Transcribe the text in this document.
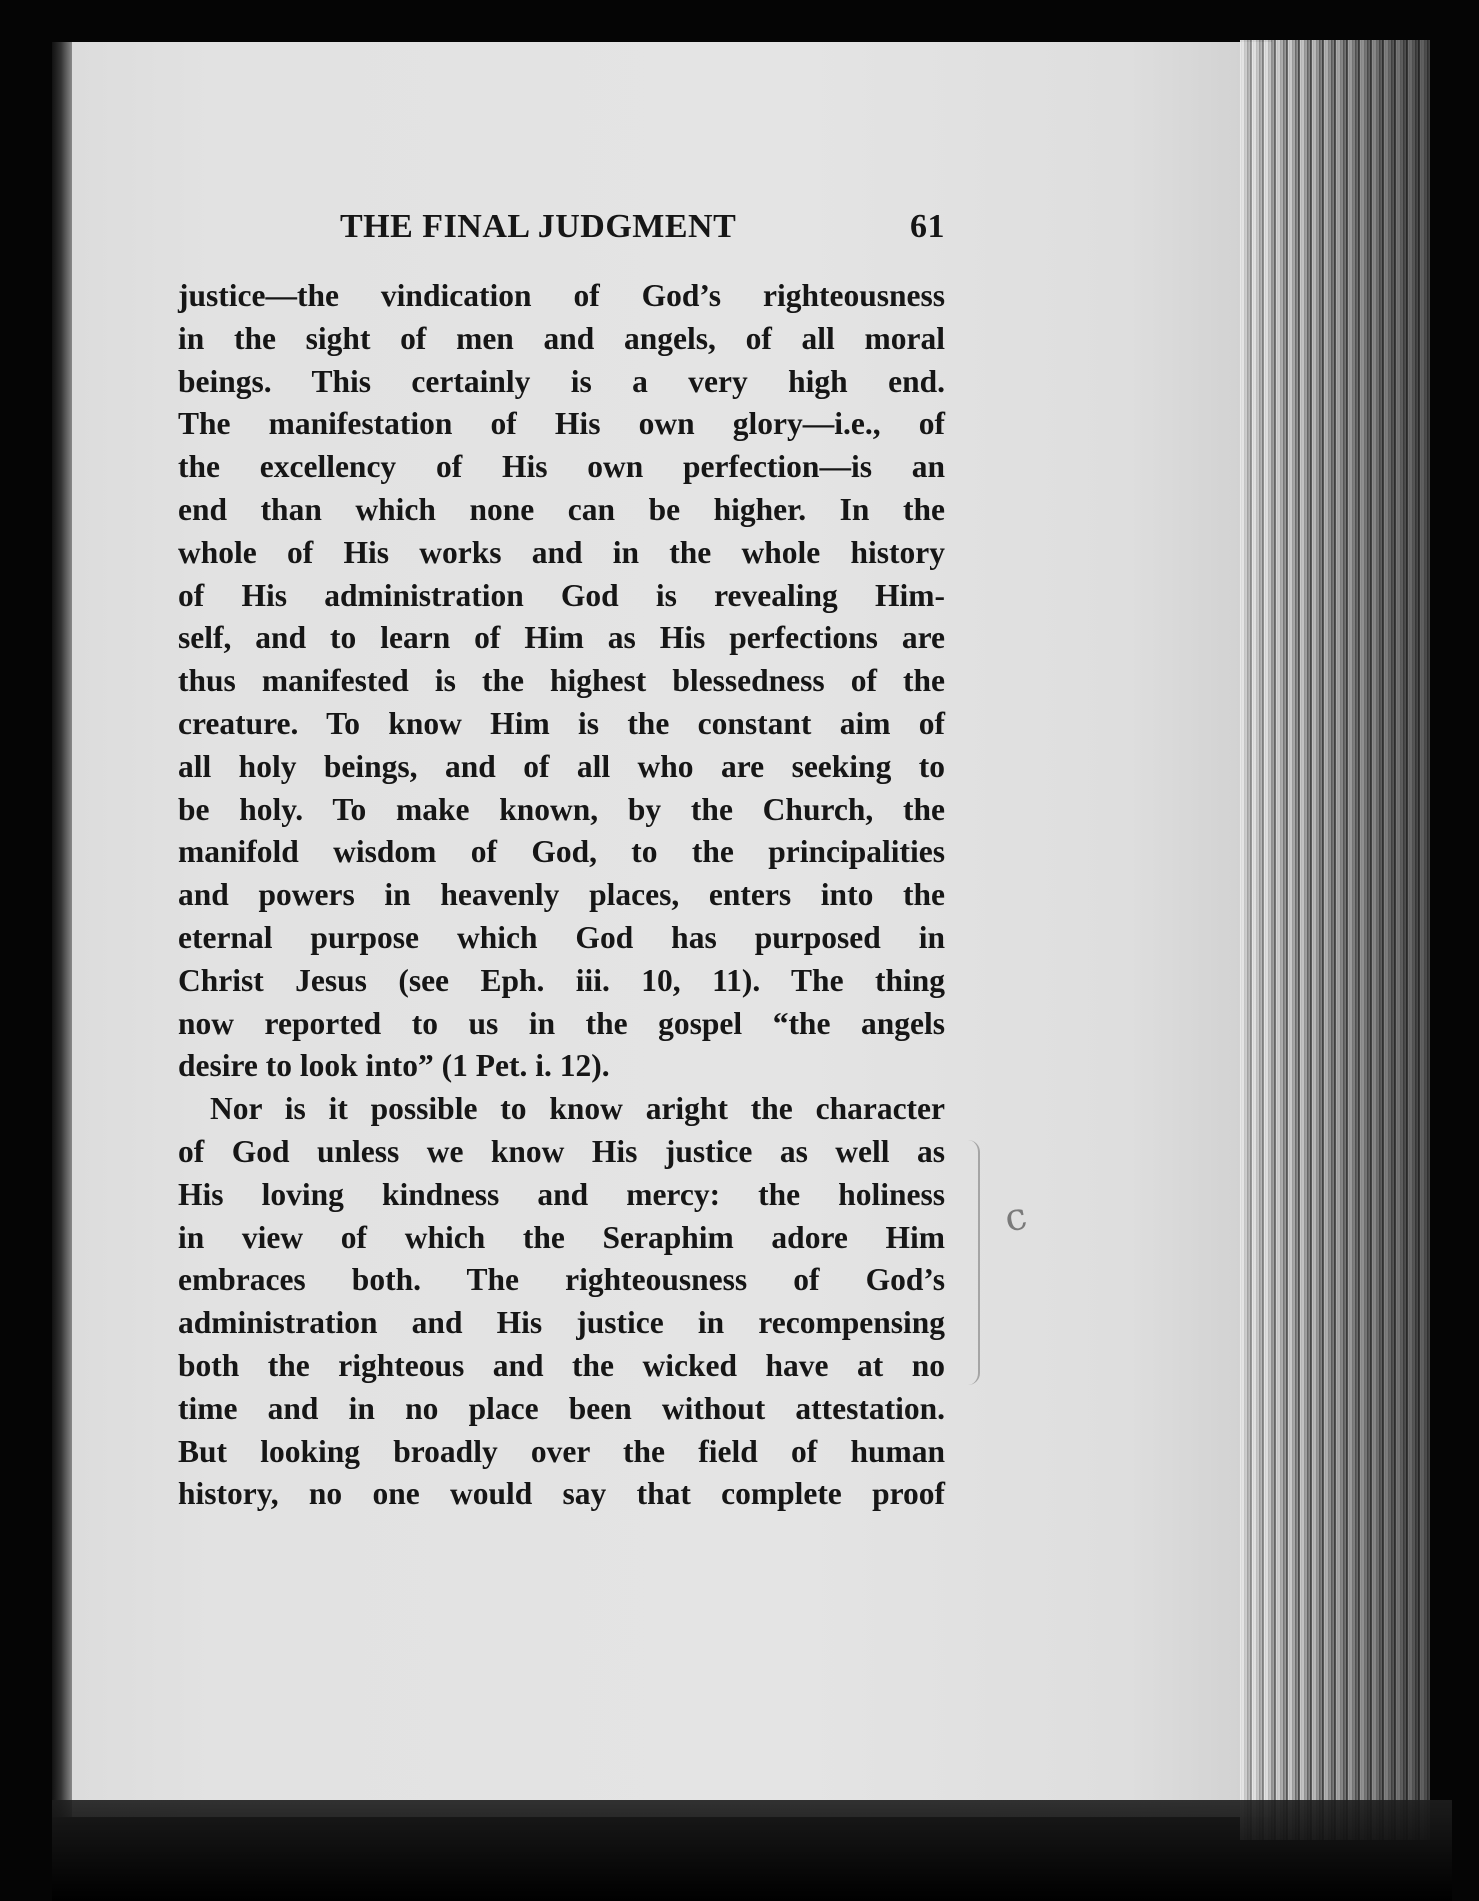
THE FINAL JUDGMENT	61
justice—the vindication of God’s righteousness
in the sight of men and angels, of all moral
beings. This certainly is a very high end.
The manifestation of His own glory—i.e., of
the excellency of His own perfection—is an
end than which none can be higher. In the
whole of His works and in the whole history
of His administration God is revealing Him-
self, and to learn of Him as His perfections are
thus manifested is the highest blessedness of the
creature. To know Him is the constant aim of
all holy beings, and of all who are seeking to
be holy. To make known, by the Church, the
manifold wisdom of God, to the principalities
and powers in heavenly places, enters into the
eternal purpose which God has purposed in
Christ Jesus (see Eph. iii. 10, 11). The thing
now reported to us in the gospel “the angels
desire to look into” (1 Pet. i. 12).
Nor is it possible to know aright the character
of God unless we know His justice as well as
His loving kindness and mercy: the holiness
in view of which the Seraphim adore Him
embraces both. The righteousness of God’s
administration and His justice in recompensing
both the righteous and the wicked have at no
time and in no place been without attestation.
But looking broadly over the field of human
history, no one would say that complete proof
c
